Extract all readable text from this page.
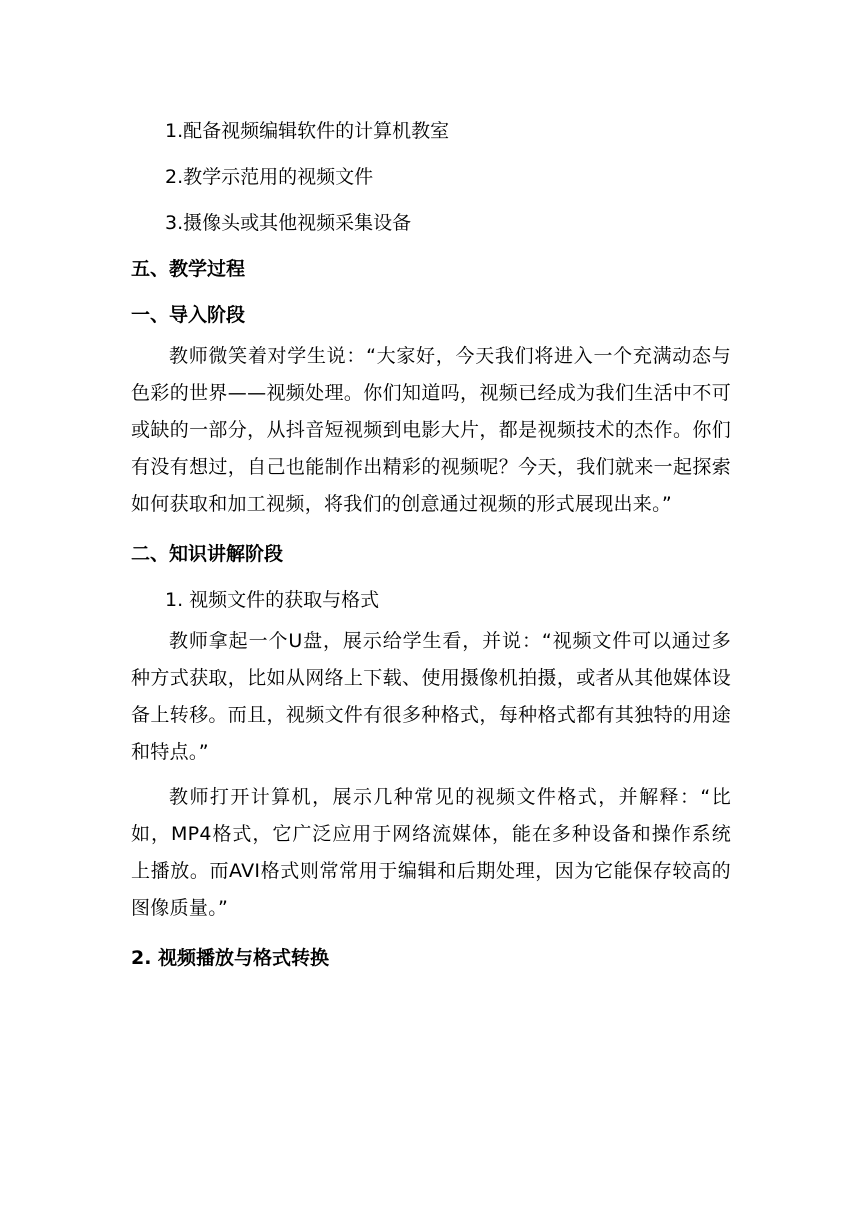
1.配备视频编辑软件的计算机教室

2.教学示范用的视频文件

3.摄像头或其他视频采集设备

五、教学过程

一、导入阶段

教师微笑着对学生说：“大家好，今天我们将进入一个充满动态与色彩的世界——视频处理。你们知道吗，视频已经成为我们生活中不可或缺的一部分，从抖音短视频到电影大片，都是视频技术的杰作。你们有没有想过，自己也能制作出精彩的视频呢？今天，我们就来一起探索如何获取和加工视频，将我们的创意通过视频的形式展现出来。”

二、知识讲解阶段

1. 视频文件的获取与格式

教师拿起一个U盘，展示给学生看，并说：“视频文件可以通过多种方式获取，比如从网络上下载、使用摄像机拍摄，或者从其他媒体设备上转移。而且，视频文件有很多种格式，每种格式都有其独特的用途和特点。”

教师打开计算机，展示几种常见的视频文件格式，并解释：“比如，MP4格式，它广泛应用于网络流媒体，能在多种设备和操作系统上播放。而AVI格式则常常用于编辑和后期处理，因为它能保存较高的图像质量。”

2. 视频播放与格式转换
